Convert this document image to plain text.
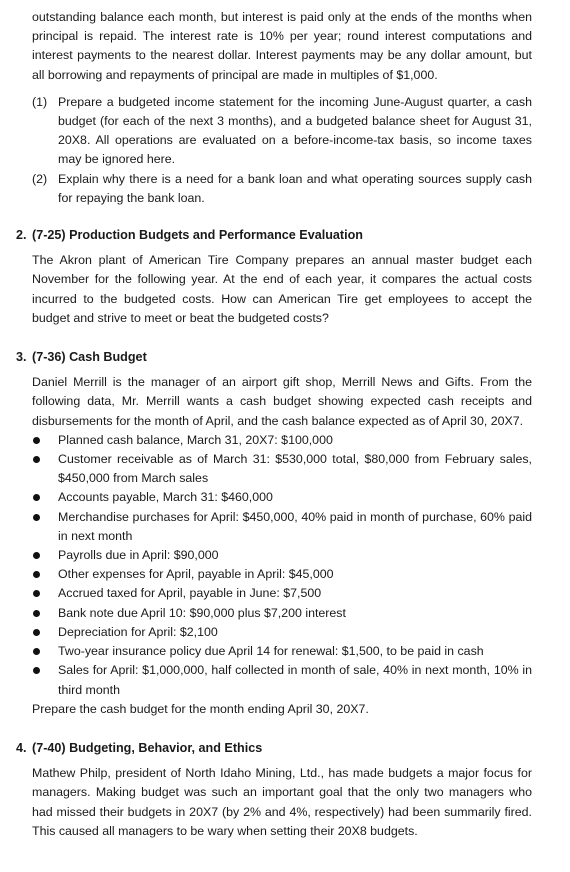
outstanding balance each month, but interest is paid only at the ends of the months when principal is repaid. The interest rate is 10% per year; round interest computations and interest payments to the nearest dollar. Interest payments may be any dollar amount, but all borrowing and repayments of principal are made in multiples of $1,000.

(1) Prepare a budgeted income statement for the incoming June-August quarter, a cash budget (for each of the next 3 months), and a budgeted balance sheet for August 31, 20X8. All operations are evaluated on a before-income-tax basis, so income taxes may be ignored here.
(2) Explain why there is a need for a bank loan and what operating sources supply cash for repaying the bank loan.
2. (7-25) Production Budgets and Performance Evaluation

The Akron plant of American Tire Company prepares an annual master budget each November for the following year. At the end of each year, it compares the actual costs incurred to the budgeted costs. How can American Tire get employees to accept the budget and strive to meet or beat the budgeted costs?

3. (7-36) Cash Budget

Daniel Merrill is the manager of an airport gift shop, Merrill News and Gifts. From the following data, Mr. Merrill wants a cash budget showing expected cash receipts and disbursements for the month of April, and the cash balance expected as of April 30, 20X7.

Planned cash balance, March 31, 20X7: $100,000
Customer receivable as of March 31: $530,000 total, $80,000 from February sales, $450,000 from March sales
Accounts payable, March 31: $460,000
Merchandise purchases for April: $450,000, 40% paid in month of purchase, 60% paid in next month
Payrolls due in April: $90,000
Other expenses for April, payable in April: $45,000
Accrued taxed for April, payable in June: $7,500
Bank note due April 10: $90,000 plus $7,200 interest
Depreciation for April: $2,100
Two-year insurance policy due April 14 for renewal: $1,500, to be paid in cash
Sales for April: $1,000,000, half collected in month of sale, 40% in next month, 10% in third month

Prepare the cash budget for the month ending April 30, 20X7.

4. (7-40) Budgeting, Behavior, and Ethics

Mathew Philp, president of North Idaho Mining, Ltd., has made budgets a major focus for managers. Making budget was such an important goal that the only two managers who had missed their budgets in 20X7 (by 2% and 4%, respectively) had been summarily fired. This caused all managers to be wary when setting their 20X8 budgets.
